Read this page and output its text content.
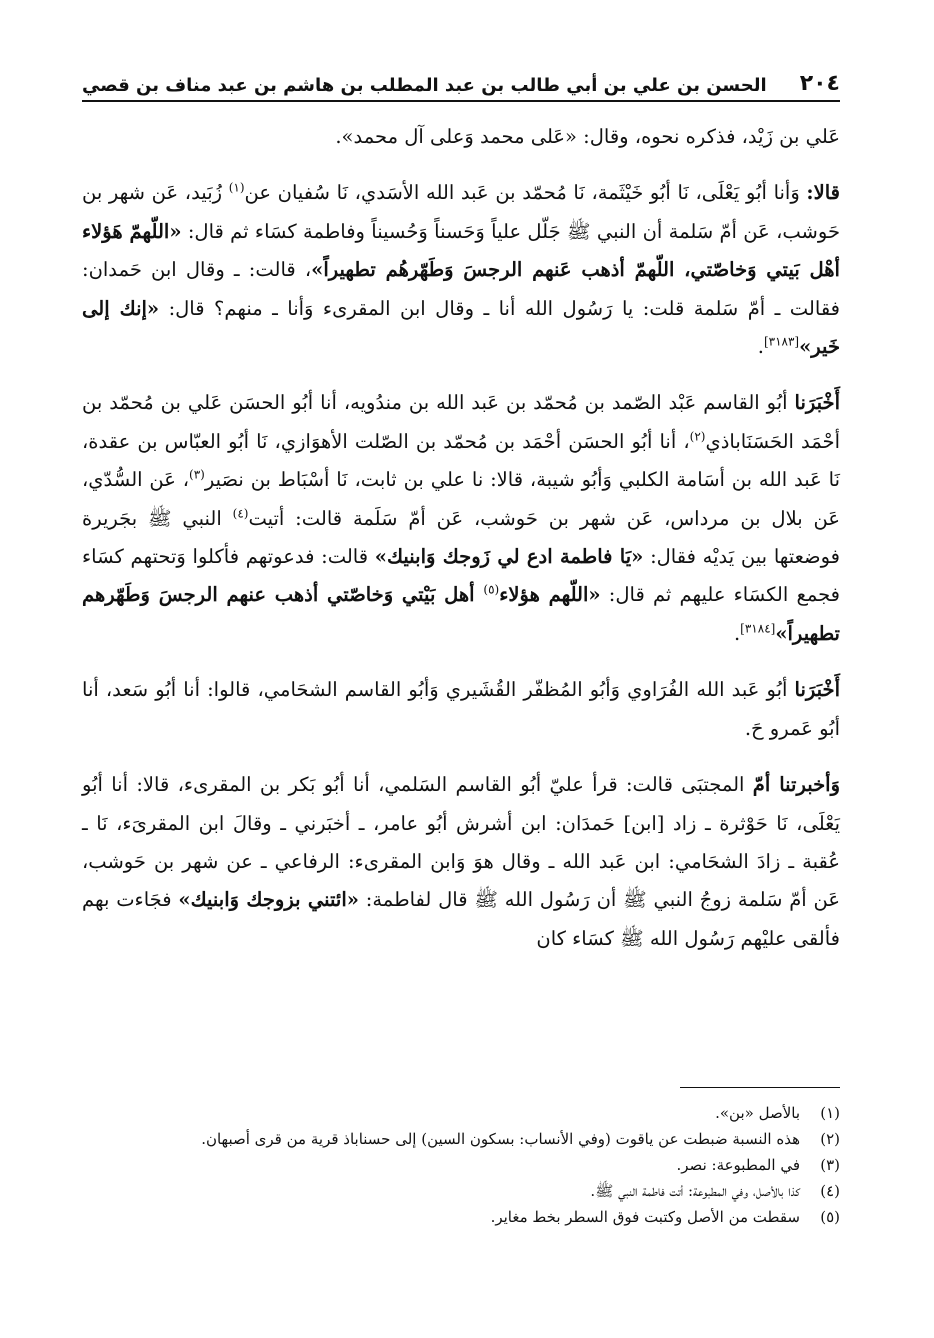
٢٠٤
الحسن بن علي بن أبي طالب بن عبد المطلب بن هاشم بن عبد مناف بن قصي

عَلي بن زَيْد، فذكره نحوه، وقال: «عَلى محمد وَعلى آل محمد».

قالا: وَأنا أبُو يَعْلَى، نَا أبُو خَيْثَمة، نَا مُحمّد بن عَبد الله الأسَدي، نَا سُفيان عن$^{(١)}$ زُبَيد، عَن شهر بن حَوشب، عَن أمّ سَلمة أن النبي ﷺ جَلّل علياً وَحَسناً وَحُسيناً وفاطمة كسَاء ثم قال: «اللّهمّ هَؤلاء أهْل بَيتي وَخاصّتي، اللّهمّ أذهب عَنهم الرجسَ وَطَهّرهُم تطهيراً»، قالت: ـ وقال ابن حَمدان: فقالت ـ أمّ سَلمة قلت: يا رَسُول الله أنا ـ وقال ابن المقرىء وَأنا ـ منهم؟ قال: «إنك إلى خَير»[٣١٨٣].

أَخْبَرَنا أبُو القاسم عَبْد الصّمد بن مُحمّد بن عَبد الله بن مندُويه، أنا أبُو الحسَن عَلي بن مُحمّد بن أحْمَد الحَسَنَاباذي$^{(٢)}$، أنا أبُو الحسَن أحْمَد بن مُحمّد بن الصّلت الأهوَازي، نَا أبُو العبّاس بن عقدة، نَا عَبد الله بن أسَامة الكلبي وَأبُو شيبة، قالا: نا علي بن ثابت، نَا أسْبَاط بن نصَير$^{(٣)}$، عَن السُّدّي، عَن بلال بن مرداس، عَن شهر بن حَوشب، عَن أمّ سَلَمة قالت: أتيت$^{(٤)}$ النبي ﷺ بجَريرة فوضعتها بين يَديْه فقال: «يَا فاطمة ادع لي زَوجك وَابنيك» قالت: فدعوتهم فأكلوا وَتحتهم كسَاء فجمع الكسَاء عليهم ثم قال: «اللّهم هؤلاء$^{(٥)}$ أهل بَيْتي وَخاصّتي أذهب عنهم الرجسَ وَطَهّرهم تطهيراً»[٣١٨٤].

أَخْبَرَنا أبُو عَبد الله الفُرَاوي وَأبُو المُظفّر القُشَيري وَأبُو القاسم الشحَامي، قالوا: أنا أبُو سَعد، أنا أبُو عَمرو حَ.

وَأخبرتنا أمّ المجتبَى قالت: قرأ عليّ أبُو القاسم السَلمي، أنا أبُو بَكر بن المقرىء، قالا: أنا أبُو يَعْلَى، نَا حَوْثرة ـ زاد [ابن] حَمدَان: ابن أشرش أبُو عامر، ـ أخبَرني ـ وقالَ ابن المقرىَء، نَا ـ عُقبة ـ زادَ الشحَامي: ابن عَبد الله ـ وقال هوَ وَابن المقرىء: الرفاعي ـ عن شهر بن حَوشب، عَن أمّ سَلمة زوجُ النبي ﷺ أن رَسُول الله ﷺ قال لفاطمة: «ائتني بزوجك وَابنيك» فجَاءت بهم فألقى عليْهم رَسُول الله ﷺ كسَاء كان

(١)
بالأصل «بن».
(٢)
هذه النسبة ضبطت عن ياقوت (وفي الأنساب: بسكون السين) إلى حسناباذ قرية من قرى أصبهان.
(٣)
في المطبوعة: نصر.
(٤)
كذا بالأصل، وفي المطبوعة: أتت فاطمة النبي ﷺ.
(٥)
سقطت من الأصل وكتبت فوق السطر بخط مغاير.
